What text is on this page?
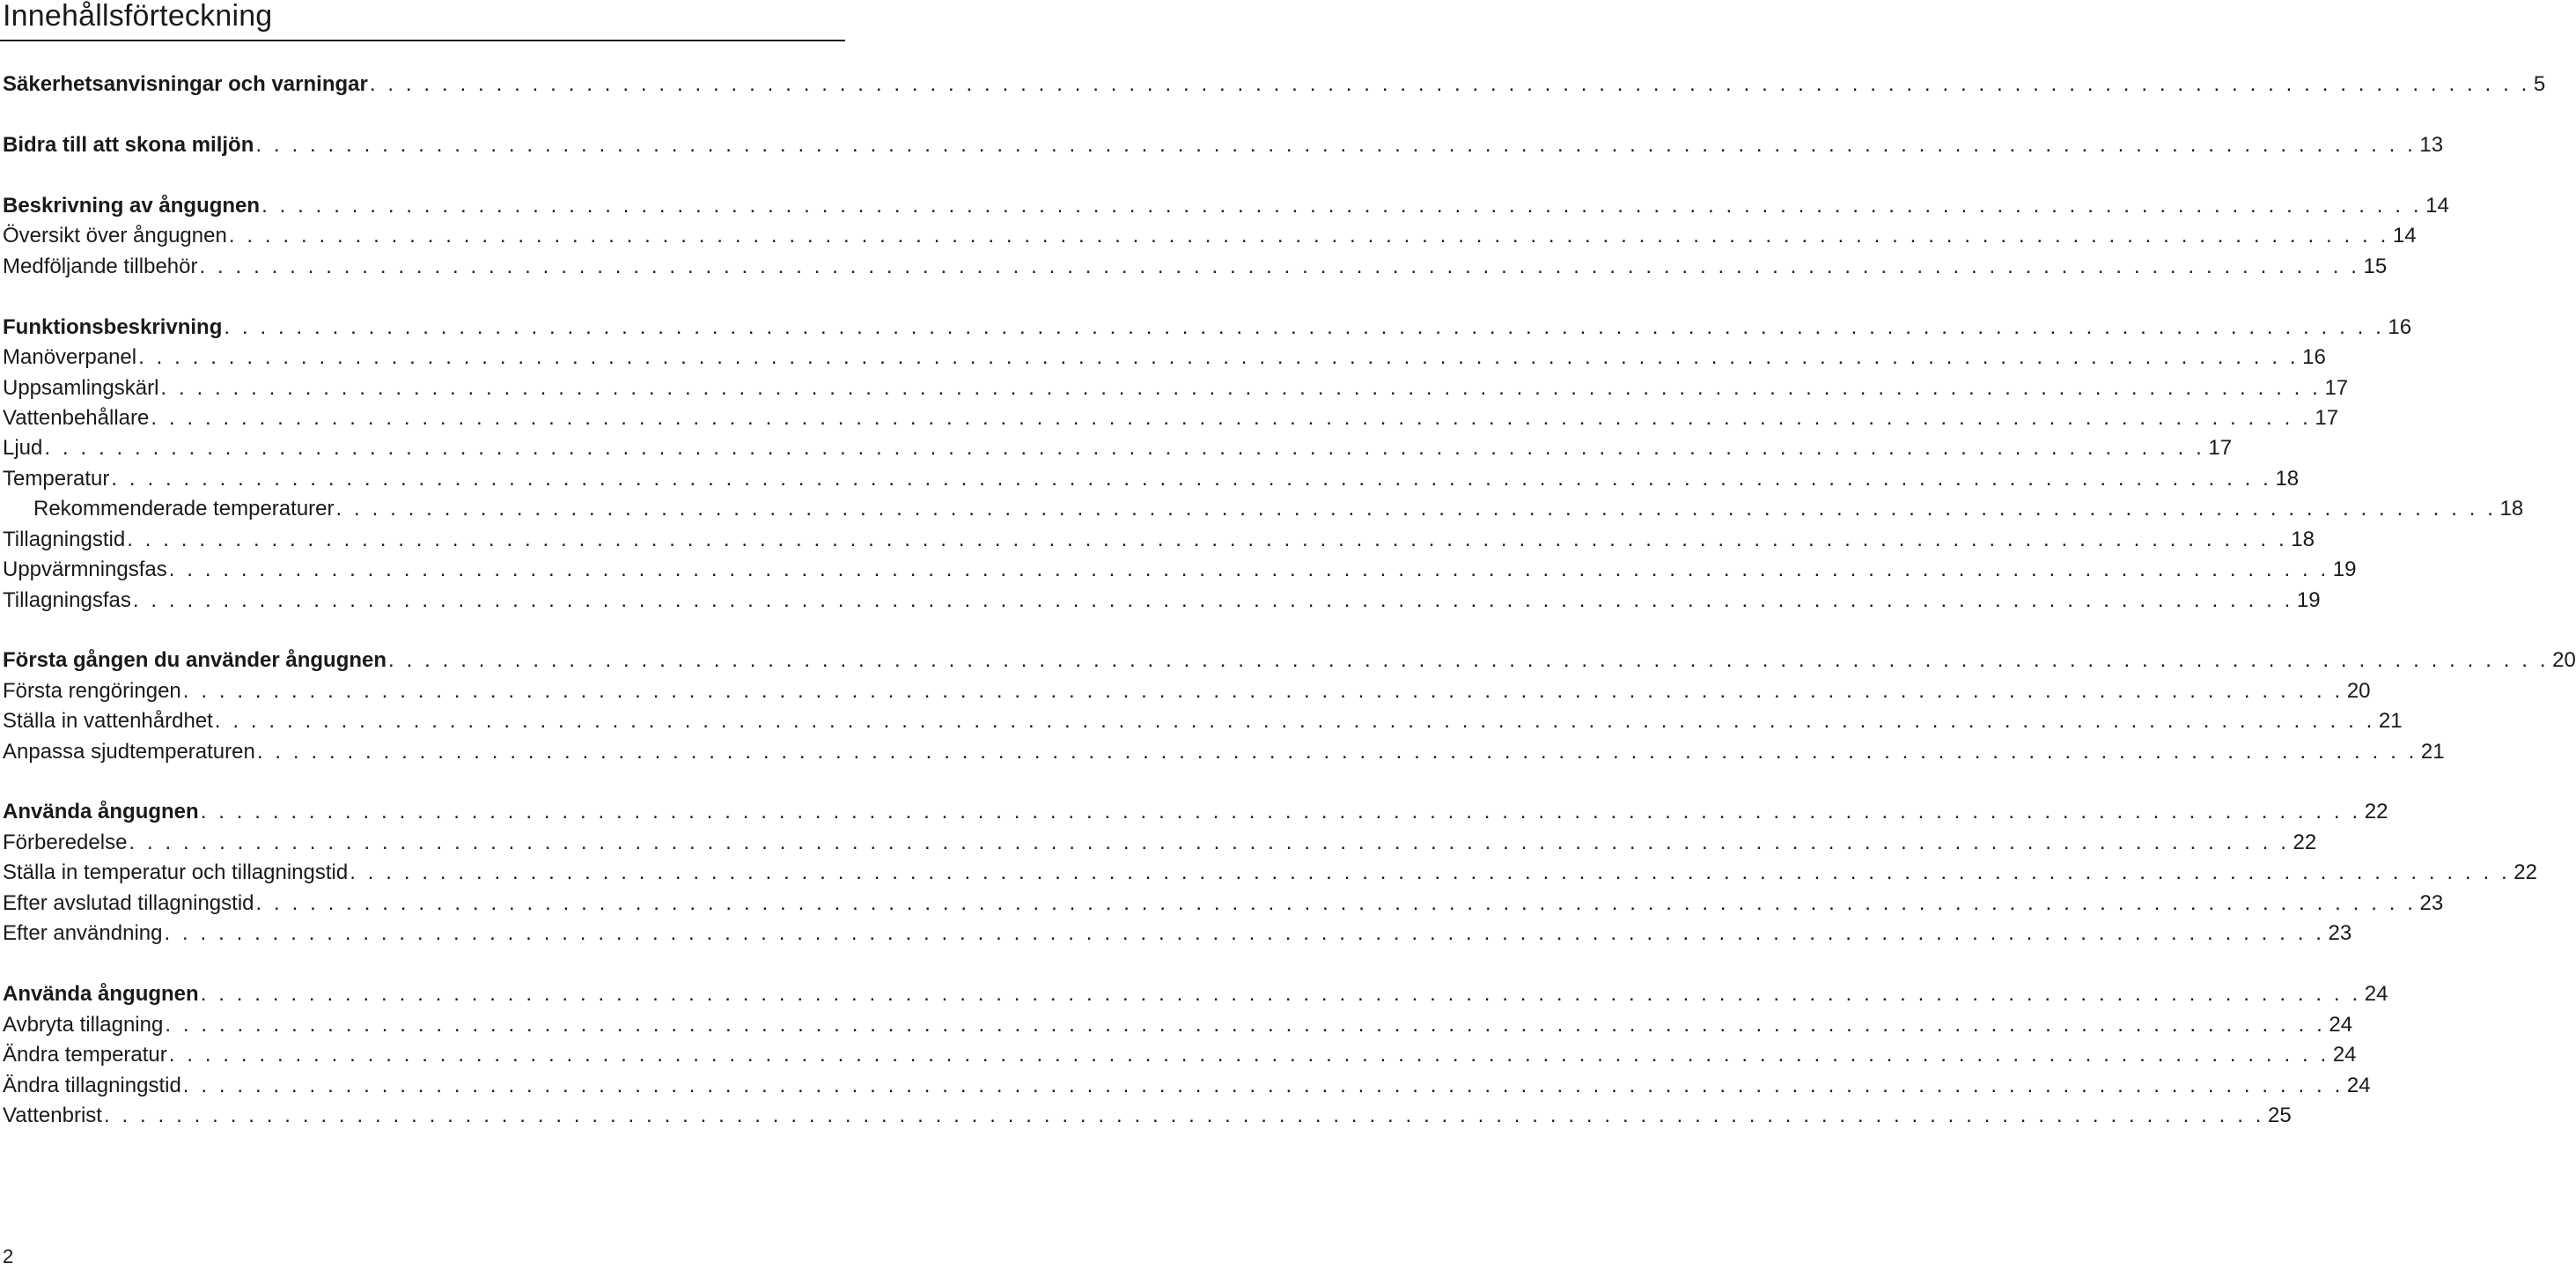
Innehållsförteckning
Säkerhetsanvisningar och varningar . . . . . . . . . . . . . . . . . . . . . . . . . . . . . . . . . . . . . . . . . . . . . . . . . . . . . . . . . . . . . . . . . . . . . . . . . . . . . . . . . . . . . . . . . . . . . . . . . . . . . . . . . . . . . . . . . . . . . . . . 5
Bidra till att skona miljön . . . . . . . . . . . . . . . . . . . . . . . . . . . . . . . . . . . . . . . . . . . . . . . . . . . . . . . . . . . . . . . . . . . . . . . . . . . . . . . . . . . . . . . . . . . . . . . . . . . . . . . . . . . . . . . . . . . . . . . . 13
Beskrivning av ångugnen . . . . . . . . . . . . . . . . . . . . . . . . . . . . . . . . . . . . . . . . . . . . . . . . . . . . . . . . . . . . . . . . . . . . . . . . . . . . . . . . . . . . . . . . . . . . . . . . . . . . . . . . . . . . . . . . . . . . . . . . 14
Översikt över ångugnen . . . . . . . . . . . . . . . . . . . . . . . . . . . . . . . . . . . . . . . . . . . . . . . . . . . . . . . . . . . . . . . . . . . . . . . . . . . . . . . . . . . . . . . . . . . . . . . . . . . . . . . . . . . . . . . . . . . . . . . . 14
Medföljande tillbehör . . . . . . . . . . . . . . . . . . . . . . . . . . . . . . . . . . . . . . . . . . . . . . . . . . . . . . . . . . . . . . . . . . . . . . . . . . . . . . . . . . . . . . . . . . . . . . . . . . . . . . . . . . . . . . . . . . . . . . . . 15
Funktionsbeskrivning . . . . . . . . . . . . . . . . . . . . . . . . . . . . . . . . . . . . . . . . . . . . . . . . . . . . . . . . . . . . . . . . . . . . . . . . . . . . . . . . . . . . . . . . . . . . . . . . . . . . . . . . . . . . . . . . . . . . . . . . 16
Manöverpanel . . . . . . . . . . . . . . . . . . . . . . . . . . . . . . . . . . . . . . . . . . . . . . . . . . . . . . . . . . . . . . . . . . . . . . . . . . . . . . . . . . . . . . . . . . . . . . . . . . . . . . . . . . . . . . . . . . . . . . . . 16
Uppsamlingskärl . . . . . . . . . . . . . . . . . . . . . . . . . . . . . . . . . . . . . . . . . . . . . . . . . . . . . . . . . . . . . . . . . . . . . . . . . . . . . . . . . . . . . . . . . . . . . . . . . . . . . . . . . . . . . . . . . . . . . . . . 17
Vattenbehållare . . . . . . . . . . . . . . . . . . . . . . . . . . . . . . . . . . . . . . . . . . . . . . . . . . . . . . . . . . . . . . . . . . . . . . . . . . . . . . . . . . . . . . . . . . . . . . . . . . . . . . . . . . . . . . . . . . . . . . . . 17
Ljud . . . . . . . . . . . . . . . . . . . . . . . . . . . . . . . . . . . . . . . . . . . . . . . . . . . . . . . . . . . . . . . . . . . . . . . . . . . . . . . . . . . . . . . . . . . . . . . . . . . . . . . . . . . . . . . . . . . . . . . . 17
Temperatur . . . . . . . . . . . . . . . . . . . . . . . . . . . . . . . . . . . . . . . . . . . . . . . . . . . . . . . . . . . . . . . . . . . . . . . . . . . . . . . . . . . . . . . . . . . . . . . . . . . . . . . . . . . . . . . . . . . . . . . . 18
Rekommenderade temperaturer . . . . . . . . . . . . . . . . . . . . . . . . . . . . . . . . . . . . . . . . . . . . . . . . . . . . . . . . . . . . . . . . . . . . . . . . . . . . . . . . . . . . . . . . . . . . . . . . . . . . . . . . . . . . . . . . . . . . . . . . 18
Tillagningstid . . . . . . . . . . . . . . . . . . . . . . . . . . . . . . . . . . . . . . . . . . . . . . . . . . . . . . . . . . . . . . . . . . . . . . . . . . . . . . . . . . . . . . . . . . . . . . . . . . . . . . . . . . . . . . . . . . . . . . . . 18
Uppvärmningsfas . . . . . . . . . . . . . . . . . . . . . . . . . . . . . . . . . . . . . . . . . . . . . . . . . . . . . . . . . . . . . . . . . . . . . . . . . . . . . . . . . . . . . . . . . . . . . . . . . . . . . . . . . . . . . . . . . . . . . . . . 19
Tillagningsfas . . . . . . . . . . . . . . . . . . . . . . . . . . . . . . . . . . . . . . . . . . . . . . . . . . . . . . . . . . . . . . . . . . . . . . . . . . . . . . . . . . . . . . . . . . . . . . . . . . . . . . . . . . . . . . . . . . . . . . . . 19
Första gången du använder ångugnen . . . . . . . . . . . . . . . . . . . . . . . . . . . . . . . . . . . . . . . . . . . . . . . . . . . . . . . . . . . . . . . . . . . . . . . . . . . . . . . . . . . . . . . . . . . . . . . . . . . . . . . . . . . . . . . . . . . . . . . . 20
Första rengöringen . . . . . . . . . . . . . . . . . . . . . . . . . . . . . . . . . . . . . . . . . . . . . . . . . . . . . . . . . . . . . . . . . . . . . . . . . . . . . . . . . . . . . . . . . . . . . . . . . . . . . . . . . . . . . . . . . . . . . . . . 20
Ställa in vattenhårdhet . . . . . . . . . . . . . . . . . . . . . . . . . . . . . . . . . . . . . . . . . . . . . . . . . . . . . . . . . . . . . . . . . . . . . . . . . . . . . . . . . . . . . . . . . . . . . . . . . . . . . . . . . . . . . . . . . . . . . . . . 21
Anpassa sjudtemperaturen . . . . . . . . . . . . . . . . . . . . . . . . . . . . . . . . . . . . . . . . . . . . . . . . . . . . . . . . . . . . . . . . . . . . . . . . . . . . . . . . . . . . . . . . . . . . . . . . . . . . . . . . . . . . . . . . . . . . . . . . 21
Använda ångugnen . . . . . . . . . . . . . . . . . . . . . . . . . . . . . . . . . . . . . . . . . . . . . . . . . . . . . . . . . . . . . . . . . . . . . . . . . . . . . . . . . . . . . . . . . . . . . . . . . . . . . . . . . . . . . . . . . . . . . . . . 22
Förberedelse . . . . . . . . . . . . . . . . . . . . . . . . . . . . . . . . . . . . . . . . . . . . . . . . . . . . . . . . . . . . . . . . . . . . . . . . . . . . . . . . . . . . . . . . . . . . . . . . . . . . . . . . . . . . . . . . . . . . . . . . 22
Ställa in temperatur och tillagningstid . . . . . . . . . . . . . . . . . . . . . . . . . . . . . . . . . . . . . . . . . . . . . . . . . . . . . . . . . . . . . . . . . . . . . . . . . . . . . . . . . . . . . . . . . . . . . . . . . . . . . . . . . . . . . . . . . . . . . . . . 22
Efter avslutad tillagningstid . . . . . . . . . . . . . . . . . . . . . . . . . . . . . . . . . . . . . . . . . . . . . . . . . . . . . . . . . . . . . . . . . . . . . . . . . . . . . . . . . . . . . . . . . . . . . . . . . . . . . . . . . . . . . . . . . . . . . . . . 23
Efter användning . . . . . . . . . . . . . . . . . . . . . . . . . . . . . . . . . . . . . . . . . . . . . . . . . . . . . . . . . . . . . . . . . . . . . . . . . . . . . . . . . . . . . . . . . . . . . . . . . . . . . . . . . . . . . . . . . . . . . . . . 23
Använda ångugnen . . . . . . . . . . . . . . . . . . . . . . . . . . . . . . . . . . . . . . . . . . . . . . . . . . . . . . . . . . . . . . . . . . . . . . . . . . . . . . . . . . . . . . . . . . . . . . . . . . . . . . . . . . . . . . . . . . . . . . . . 24
Avbryta tillagning . . . . . . . . . . . . . . . . . . . . . . . . . . . . . . . . . . . . . . . . . . . . . . . . . . . . . . . . . . . . . . . . . . . . . . . . . . . . . . . . . . . . . . . . . . . . . . . . . . . . . . . . . . . . . . . . . . . . . . . . 24
Ändra temperatur . . . . . . . . . . . . . . . . . . . . . . . . . . . . . . . . . . . . . . . . . . . . . . . . . . . . . . . . . . . . . . . . . . . . . . . . . . . . . . . . . . . . . . . . . . . . . . . . . . . . . . . . . . . . . . . . . . . . . . . . 24
Ändra tillagningstid . . . . . . . . . . . . . . . . . . . . . . . . . . . . . . . . . . . . . . . . . . . . . . . . . . . . . . . . . . . . . . . . . . . . . . . . . . . . . . . . . . . . . . . . . . . . . . . . . . . . . . . . . . . . . . . . . . . . . . . . 24
Vattenbrist . . . . . . . . . . . . . . . . . . . . . . . . . . . . . . . . . . . . . . . . . . . . . . . . . . . . . . . . . . . . . . . . . . . . . . . . . . . . . . . . . . . . . . . . . . . . . . . . . . . . . . . . . . . . . . . . . . . . . . . . 25
2
